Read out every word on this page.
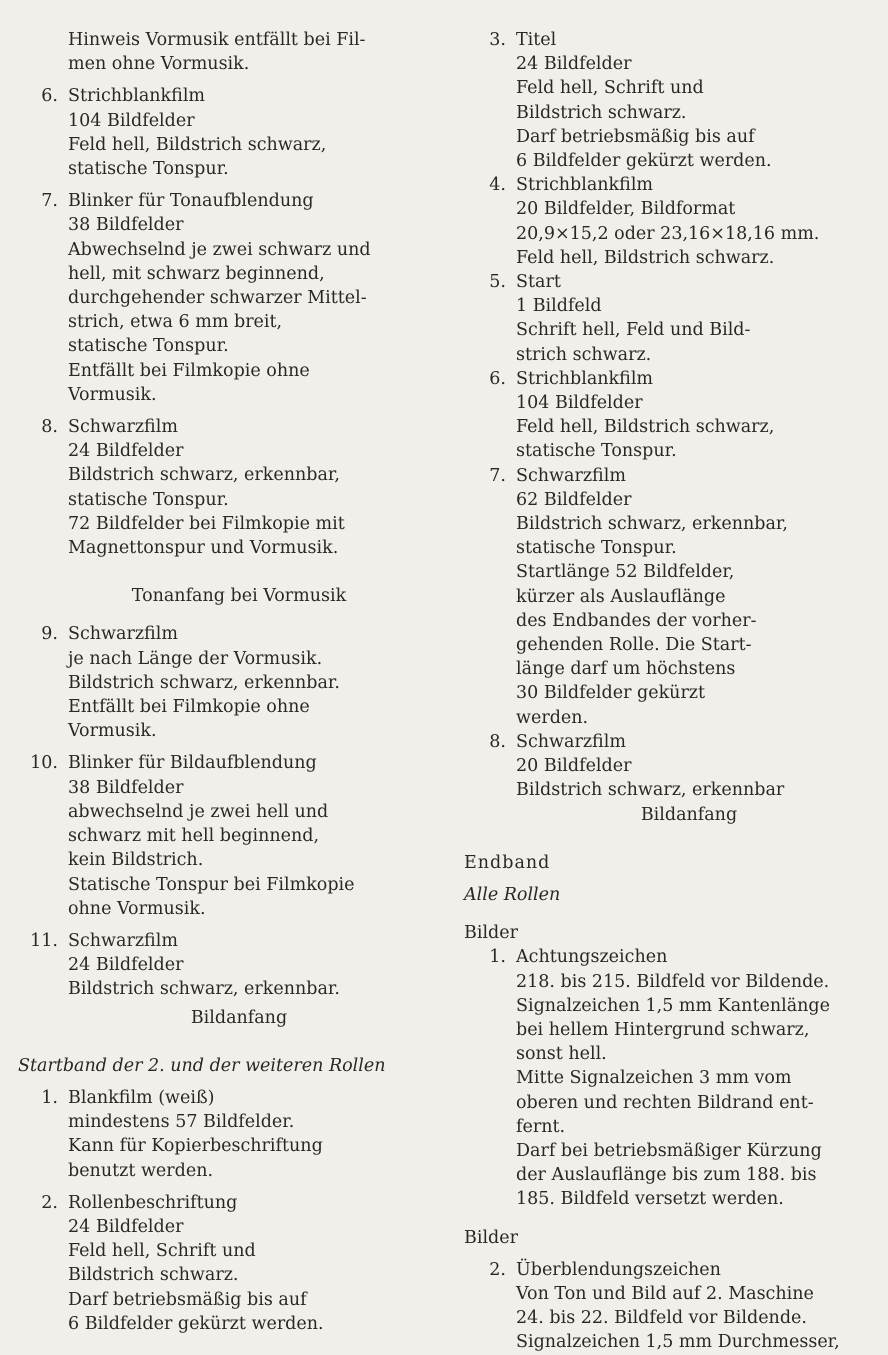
Hinweis Vormusik entfällt bei Fil-
men ohne Vormusik.
6. Strichblankfilm
104 Bildfelder
Feld hell, Bildstrich schwarz,
statische Tonspur.
7. Blinker für Tonaufblendung
38 Bildfelder
Abwechselnd je zwei schwarz und
hell, mit schwarz beginnend,
durchgehender schwarzer Mittel-
strich, etwa 6 mm breit,
statische Tonspur.
Entfällt bei Filmkopie ohne
Vormusik.
8. Schwarzfilm
24 Bildfelder
Bildstrich schwarz, erkennbar,
statische Tonspur.
72 Bildfelder bei Filmkopie mit
Magnettonspur und Vormusik.
Tonanfang bei Vormusik
9. Schwarzfilm
je nach Länge der Vormusik.
Bildstrich schwarz, erkennbar.
Entfällt bei Filmkopie ohne
Vormusik.
10. Blinker für Bildaufblendung
38 Bildfelder
abwechselnd je zwei hell und
schwarz mit hell beginnend,
kein Bildstrich.
Statische Tonspur bei Filmkopie
ohne Vormusik.
11. Schwarzfilm
24 Bildfelder
Bildstrich schwarz, erkennbar.
Bildanfang
Startband der 2. und der weiteren Rollen
1. Blankfilm (weiß)
mindestens 57 Bildfelder.
Kann für Kopierbeschriftung
benutzt werden.
2. Rollenbeschriftung
24 Bildfelder
Feld hell, Schrift und
Bildstrich schwarz.
Darf betriebsmäßig bis auf
6 Bildfelder gekürzt werden.
3. Titel
24 Bildfelder
Feld hell, Schrift und
Bildstrich schwarz.
Darf betriebsmäßig bis auf
6 Bildfelder gekürzt werden.
4. Strichblankfilm
20 Bildfelder, Bildformat
20,9×15,2 oder 23,16×18,16 mm.
Feld hell, Bildstrich schwarz.
5. Start
1 Bildfeld
Schrift hell, Feld und Bild-
strich schwarz.
6. Strichblankfilm
104 Bildfelder
Feld hell, Bildstrich schwarz,
statische Tonspur.
7. Schwarzfilm
62 Bildfelder
Bildstrich schwarz, erkennbar,
statische Tonspur.
Startlänge 52 Bildfelder,
kürzer als Auslauflänge
des Endbandes der vorher-
gehenden Rolle. Die Start-
länge darf um höchstens
30 Bildfelder gekürzt
werden.
8. Schwarzfilm
20 Bildfelder
Bildstrich schwarz, erkennbar
Bildanfang
Endband
Alle Rollen
Bilder
1. Achtungszeichen
218. bis 215. Bildfeld vor Bildende.
Signalzeichen 1,5 mm Kantenlänge
bei hellem Hintergrund schwarz,
sonst hell.
Mitte Signalzeichen 3 mm vom
oberen und rechten Bildrand ent-
fernt.
Darf bei betriebsmäßiger Kürzung
der Auslauflänge bis zum 188. bis
185. Bildfeld versetzt werden.
Bilder
2. Überblendungszeichen
Von Ton und Bild auf 2. Maschine
24. bis 22. Bildfeld vor Bildende.
Signalzeichen 1,5 mm Durchmesser,
